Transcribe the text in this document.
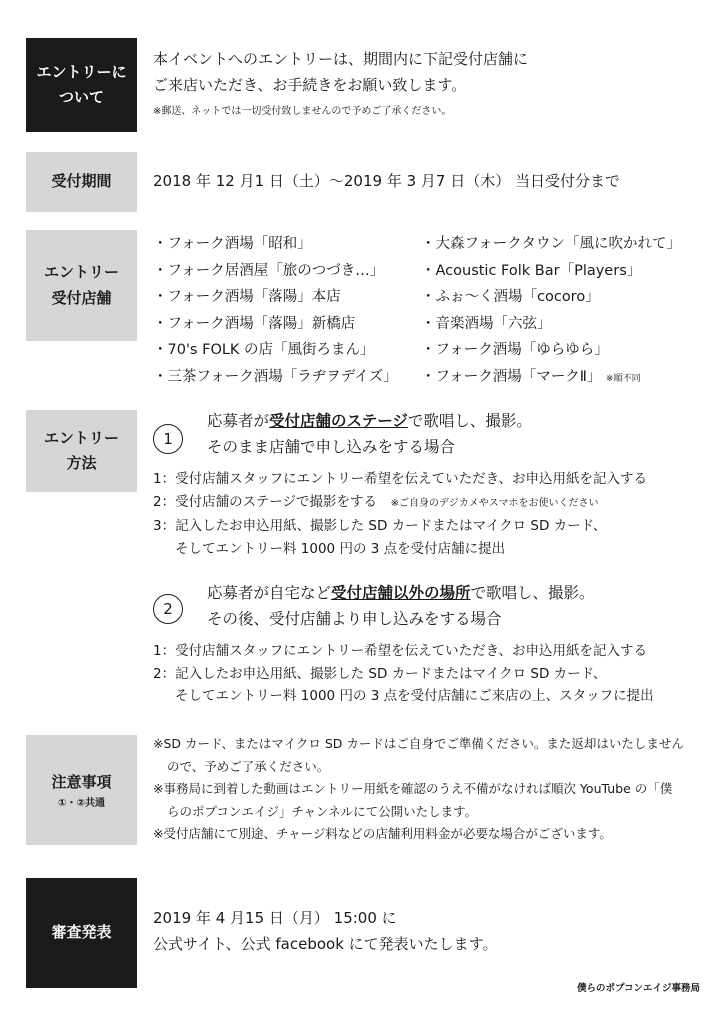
エントリーに
ついて
本イベントへのエントリーは、期間内に下記受付店舗に
ご来店いただき、お手続きをお願い致します。
※郵送、ネットでは一切受付致しませんので予めご了承ください。
受付期間	2018 年 12 月1 日（土）〜2019 年 3 月7 日（木） 当日受付分まで
エントリー
受付店舗
・フォーク酒場「昭和」
・フォーク居酒屋「旅のつづき…」
・フォーク酒場「落陽」本店
・フォーク酒場「落陽」新橋店
・70's FOLK の店「風街ろまん」
・三茶フォーク酒場「ラヂヲデイズ」
・大森フォークタウン「風に吹かれて」
・Acoustic Folk Bar「Players」
・ふぉ〜く酒場「cocoro」
・音楽酒場「六弦」
・フォーク酒場「ゆらゆら」
・フォーク酒場「マークⅡ」 ※順不同
エントリー
方法
1
応募者が受付店舗のステージで歌唱し、撮影。
そのまま店舗で申し込みをする場合
1：受付店舗スタッフにエントリー希望を伝えていただき、お申込用紙を記入する
2：受付店舗のステージで撮影をする　 ※ご自身のデジカメやスマホをお使いください
3：記入したお申込用紙、撮影した SD カードまたはマイクロ SD カード、
そしてエントリー料 1000 円の 3 点を受付店舗に提出
2
応募者が自宅など受付店舗以外の場所で歌唱し、撮影。
その後、受付店舗より申し込みをする場合
1：受付店舗スタッフにエントリー希望を伝えていただき、お申込用紙を記入する
2：記入したお申込用紙、撮影した SD カードまたはマイクロ SD カード、
そしてエントリー料 1000 円の 3 点を受付店舗にご来店の上、スタッフに提出
注意事項
①・②共通
※SD カード、またはマイクロ SD カードはご自身でご準備ください。また返却はいたしません
ので、予めご了承ください。
※事務局に到着した動画はエントリー用紙を確認のうえ不備がなければ順次 YouTube の「僕
らのポプコンエイジ」チャンネルにて公開いたします。
※受付店舗にて別途、チャージ料などの店舗利用料金が必要な場合がございます。
審査発表
2019 年 4 月15 日（月） 15:00 に
公式サイト、公式 facebook にて発表いたします。
僕らのポプコンエイジ事務局
